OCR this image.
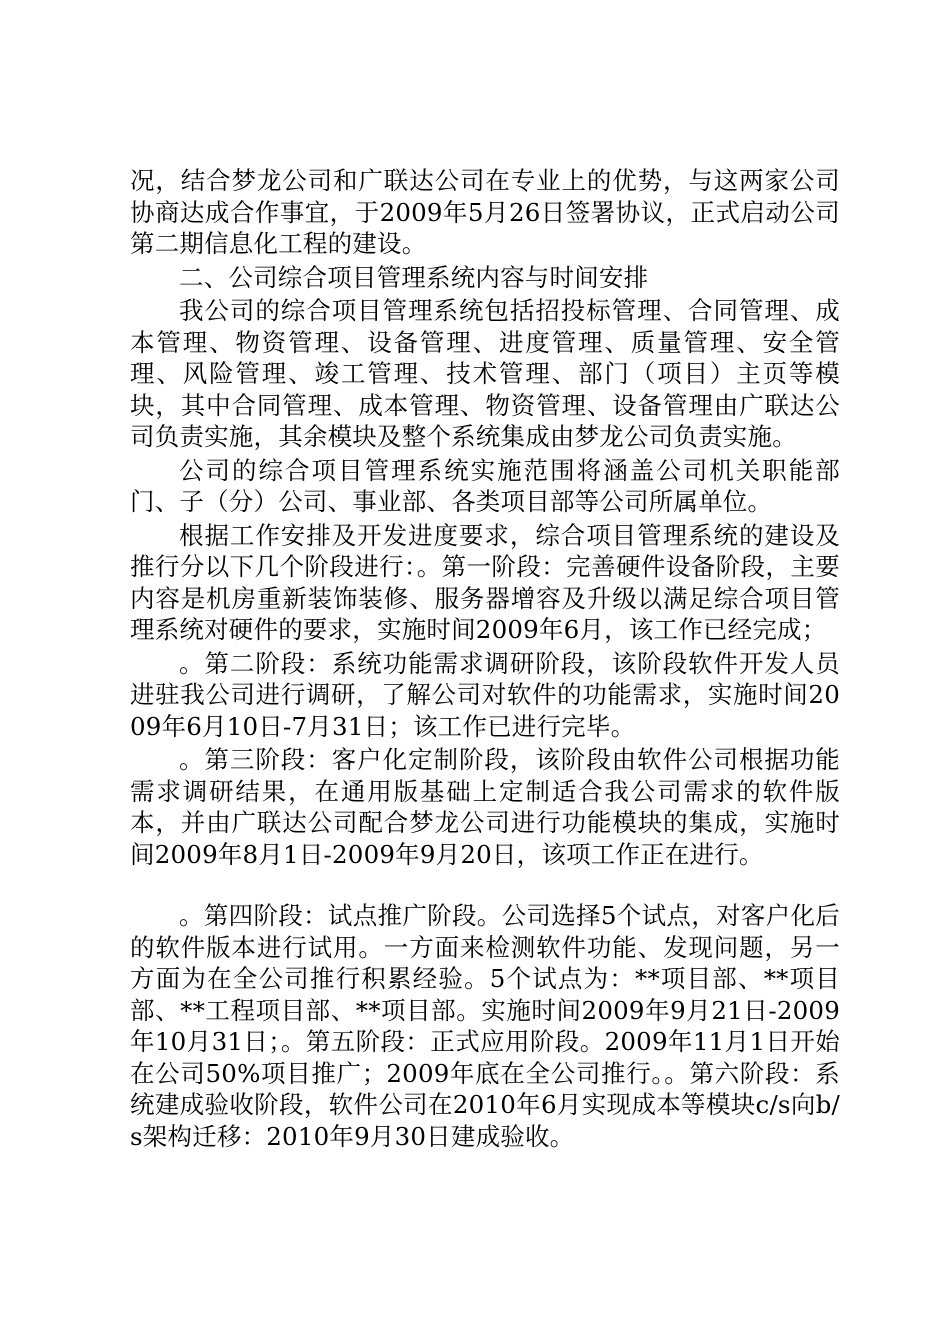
况，结合梦龙公司和广联达公司在专业上的优势，与这两家公司协商达成合作事宜，于2009年5月26日签署协议，正式启动公司第二期信息化工程的建设。

二、公司综合项目管理系统内容与时间安排

我公司的综合项目管理系统包括招投标管理、合同管理、成本管理、物资管理、设备管理、进度管理、质量管理、安全管理、风险管理、竣工管理、技术管理、部门（项目）主页等模块，其中合同管理、成本管理、物资管理、设备管理由广联达公司负责实施，其余模块及整个系统集成由梦龙公司负责实施。

公司的综合项目管理系统实施范围将涵盖公司机关职能部门、子（分）公司、事业部、各类项目部等公司所属单位。

根据工作安排及开发进度要求，综合项目管理系统的建设及推行分以下几个阶段进行：。第一阶段：完善硬件设备阶段，主要内容是机房重新装饰装修、服务器增容及升级以满足综合项目管理系统对硬件的要求，实施时间2009年6月，该工作已经完成；

。第二阶段：系统功能需求调研阶段，该阶段软件开发人员进驻我公司进行调研，了解公司对软件的功能需求，实施时间2009年6月10日-7月31日；该工作已进行完毕。

。第三阶段：客户化定制阶段，该阶段由软件公司根据功能需求调研结果，在通用版基础上定制适合我公司需求的软件版本，并由广联达公司配合梦龙公司进行功能模块的集成，实施时间2009年8月1日-2009年9月20日，该项工作正在进行。

。第四阶段：试点推广阶段。公司选择5个试点，对客户化后的软件版本进行试用。一方面来检测软件功能、发现问题，另一方面为在全公司推行积累经验。5个试点为：**项目部、**项目部、**工程项目部、**项目部。实施时间2009年9月21日-2009年10月31日；。第五阶段：正式应用阶段。2009年11月1日开始在公司50%项目推广；2009年底在全公司推行。。第六阶段：系统建成验收阶段，软件公司在2010年6月实现成本等模块c/s向b/s架构迁移：2010年9月30日建成验收。
